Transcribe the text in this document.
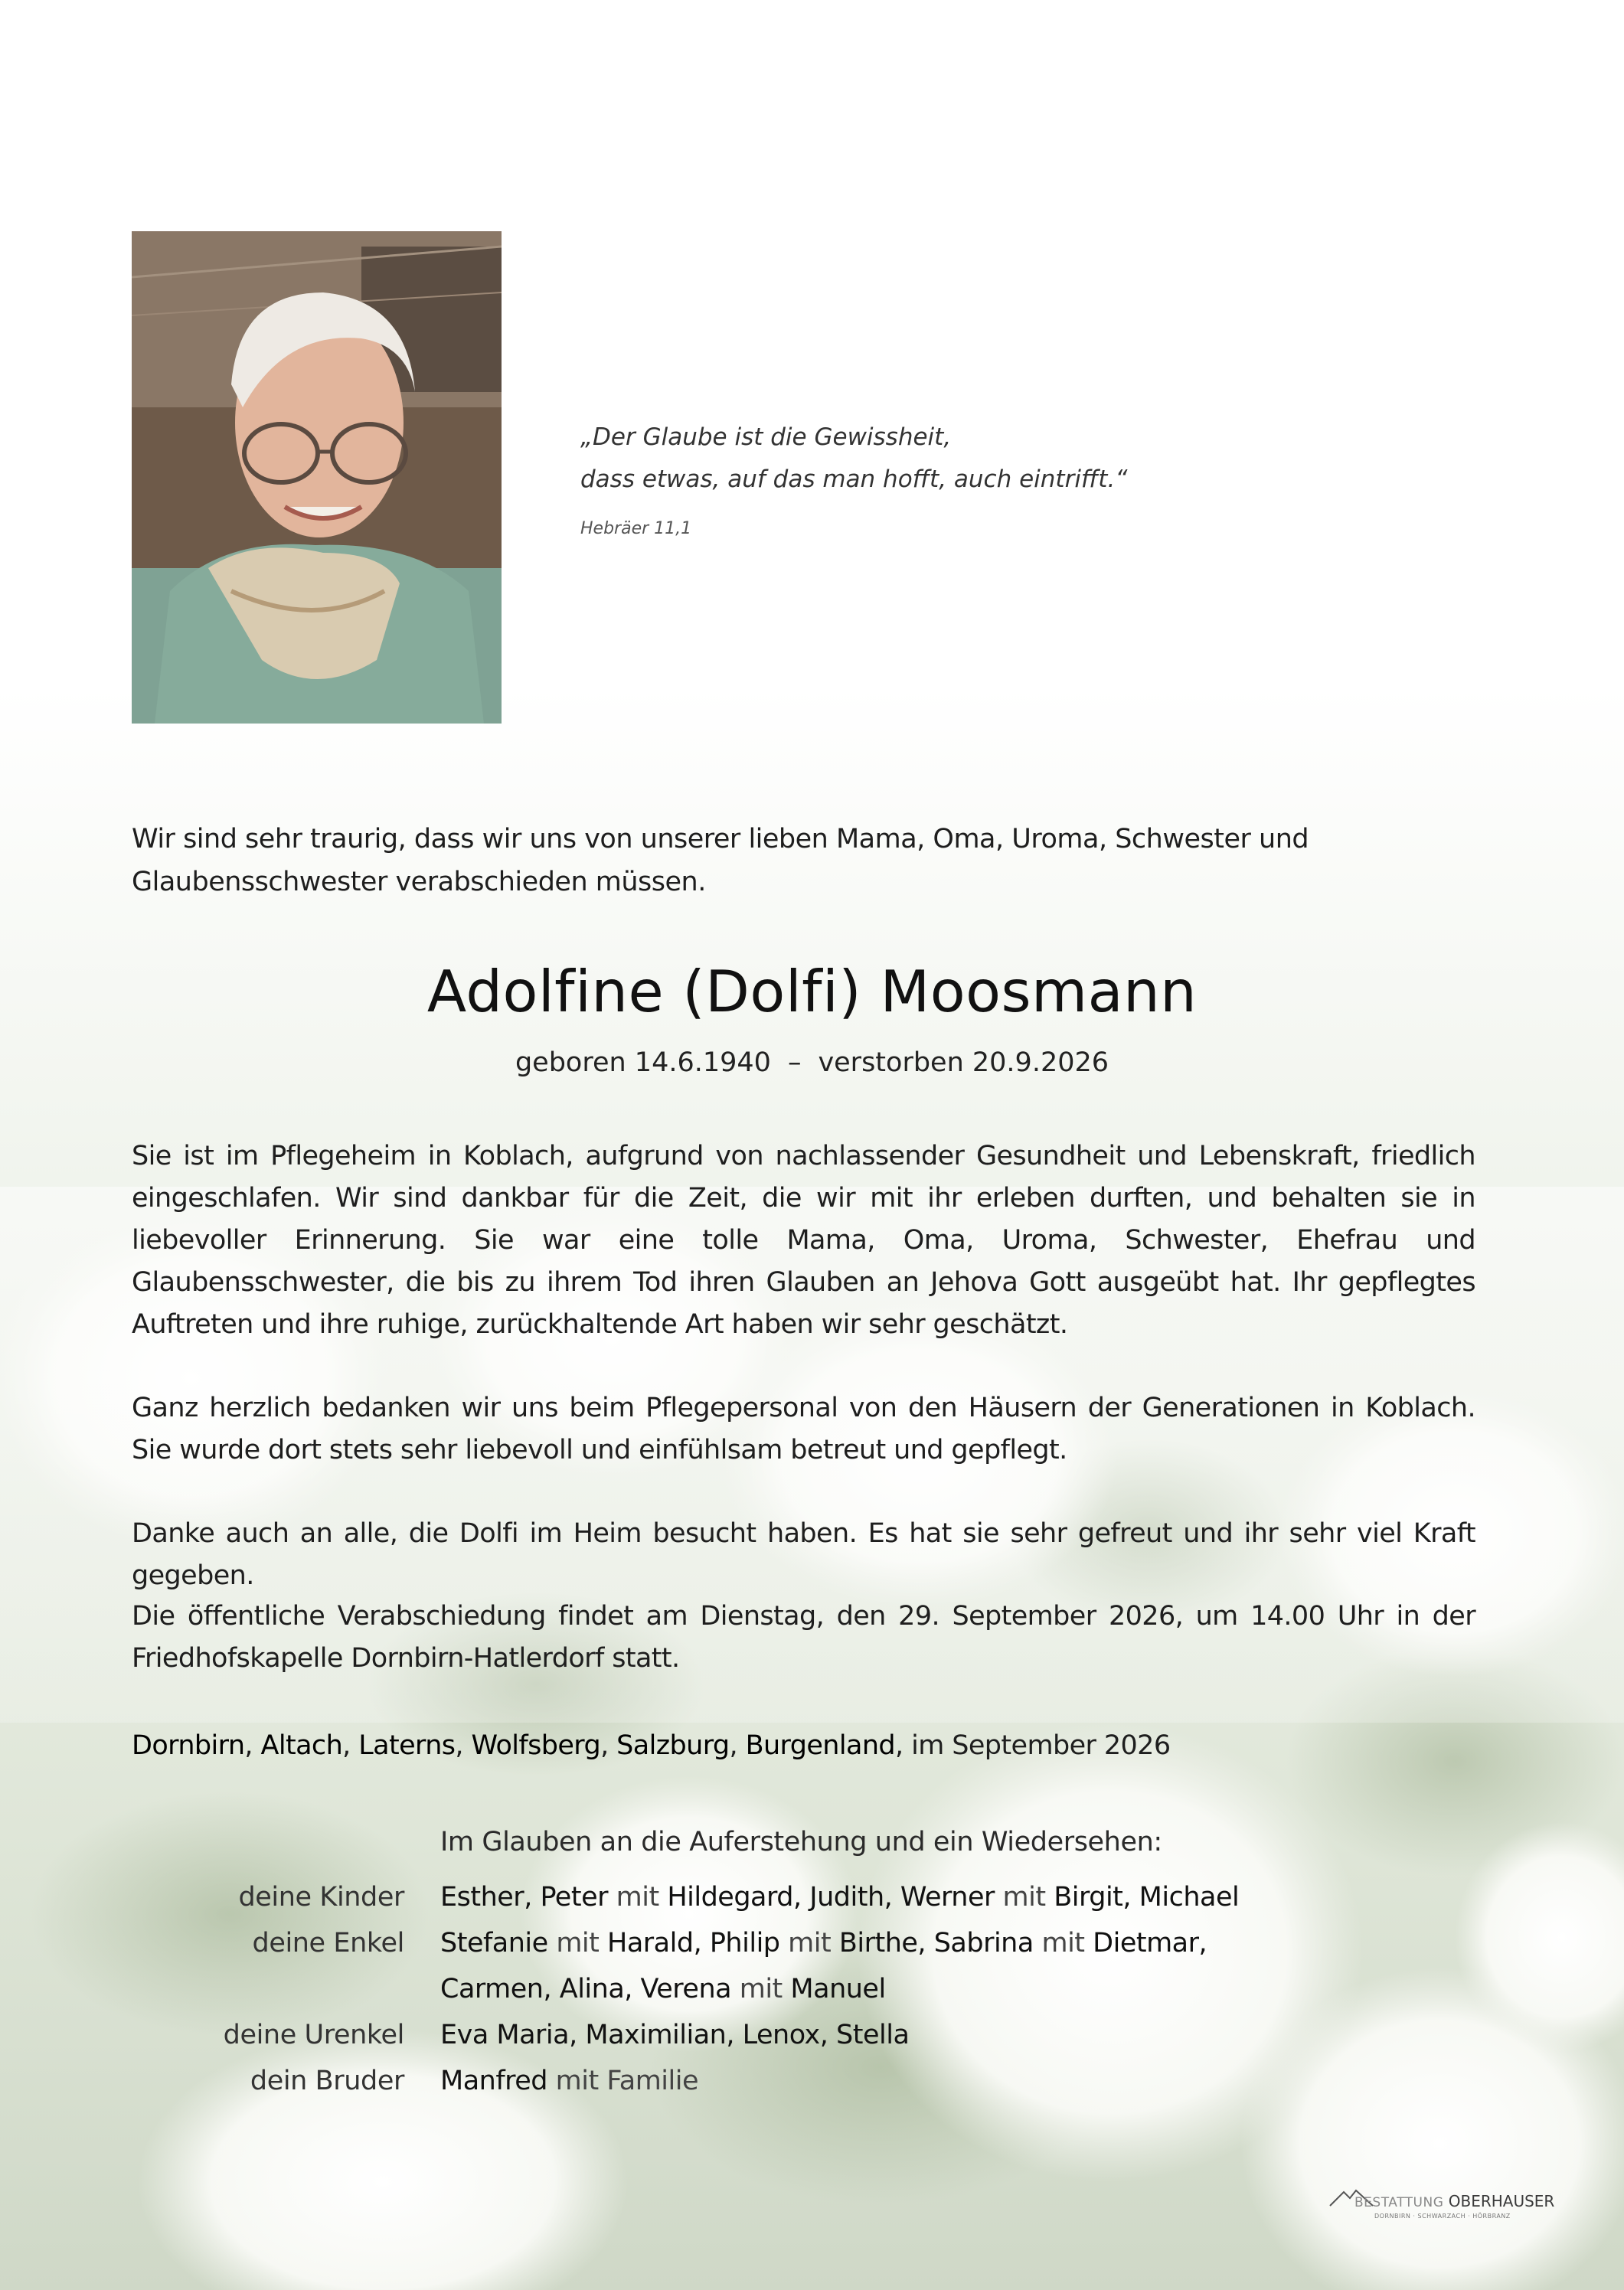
„Der Glaube ist die Gewissheit,
dass etwas, auf das man hofft, auch eintrifft.“
Hebräer 11,1
Wir sind sehr traurig, dass wir uns von unserer lieben Mama, Oma, Uroma, Schwester und Glaubensschwester verabschieden müssen.
Adolfine (Dolfi) Moosmann
geboren 14.6.1940 – verstorben 20.9.2026
Sie ist im Pflegeheim in Koblach, aufgrund von nachlassender Gesundheit und Lebenskraft, friedlich eingeschlafen. Wir sind dankbar für die Zeit, die wir mit ihr erleben durften, und behalten sie in liebevoller Erinnerung. Sie war eine tolle Mama, Oma, Uroma, Schwester, Ehefrau und Glaubensschwester, die bis zu ihrem Tod ihren Glauben an Jehova Gott ausgeübt hat. Ihr gepflegtes Auftreten und ihre ruhige, zurückhaltende Art haben wir sehr geschätzt.
Ganz herzlich bedanken wir uns beim Pflegepersonal von den Häusern der Generationen in Koblach. Sie wurde dort stets sehr liebevoll und einfühlsam betreut und gepflegt.
Danke auch an alle, die Dolfi im Heim besucht haben. Es hat sie sehr gefreut und ihr sehr viel Kraft gegeben.
Die öffentliche Verabschiedung findet am Dienstag, den 29. September 2026, um 14.00 Uhr in der Friedhofskapelle Dornbirn-Hatlerdorf statt.
Dornbirn, Altach, Laterns, Wolfsberg, Salzburg, Burgenland, im September 2026
Im Glauben an die Auferstehung und ein Wiedersehen:
deine Kinder Esther, Peter mit Hildegard, Judith, Werner mit Birgit, Michael
deine Enkel Stefanie mit Harald, Philip mit Birthe, Sabrina mit Dietmar,
Carmen, Alina, Verena mit Manuel
deine Urenkel Eva Maria, Maximilian, Lenox, Stella
dein Bruder Manfred mit Familie
BESTATTUNG OBERHAUSER
DORNBIRN · SCHWARZACH · HÖRBRANZ
